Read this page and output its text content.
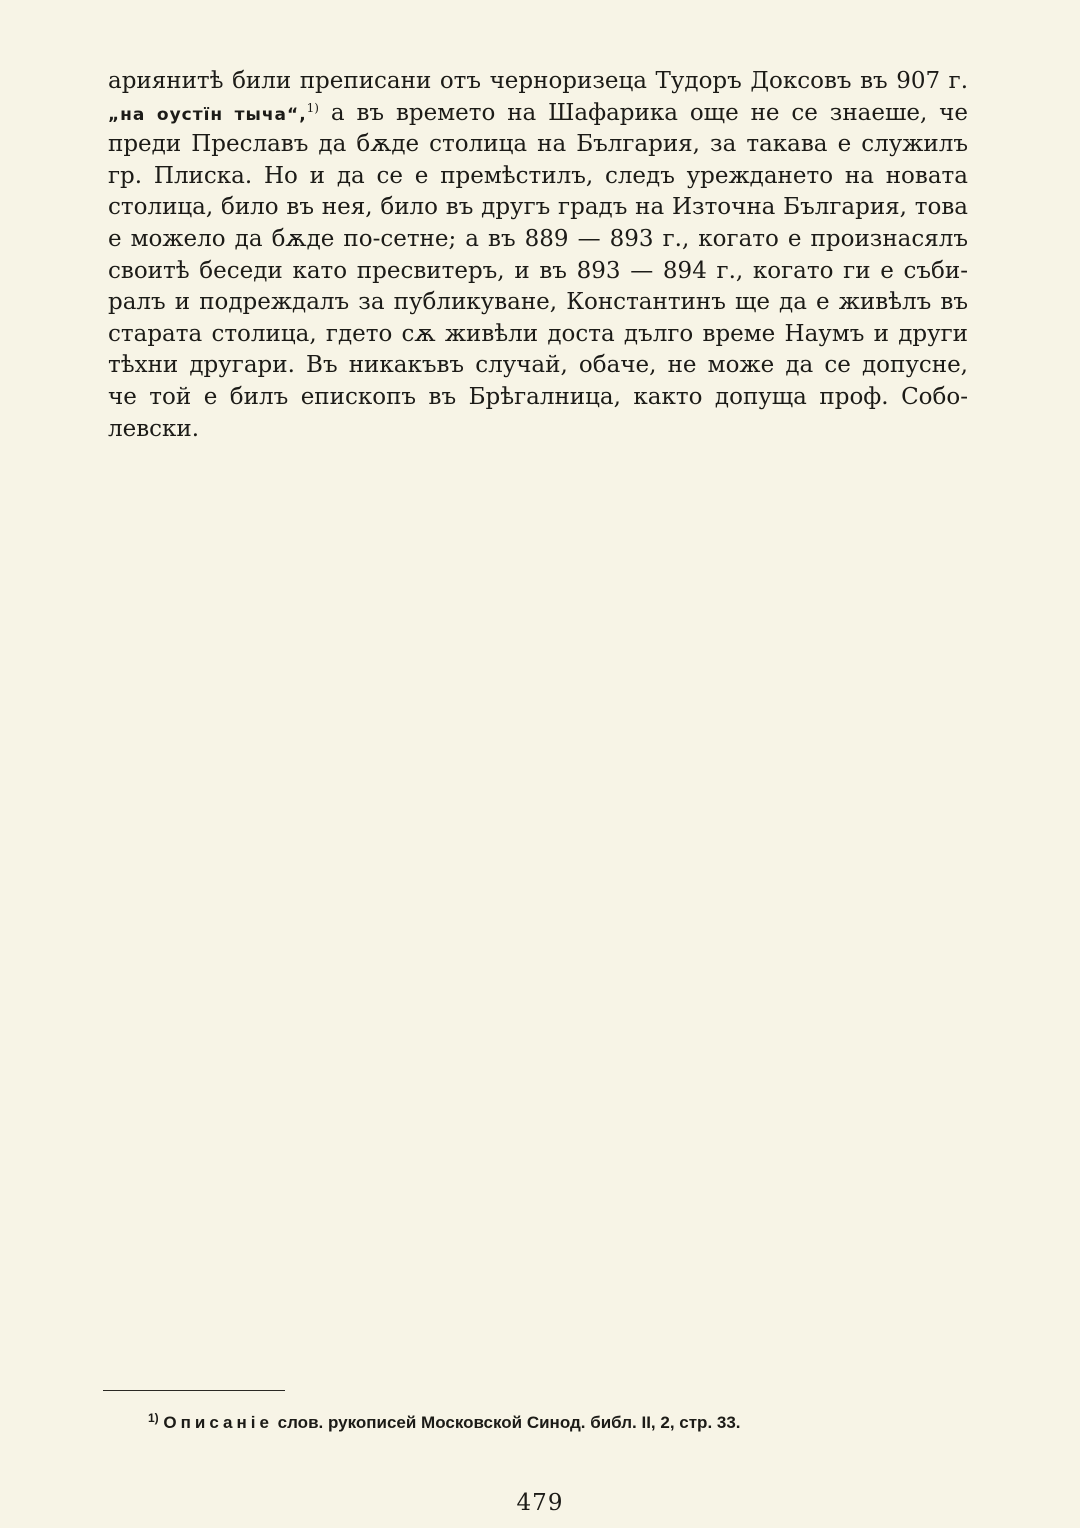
ариянитѣ били преписани отъ черноризеца Тудоръ Доксовъ въ 907 г.
„на оустїн тыча“,$^{1)}$ а въ времето на Шафарика още не се знаеше, че
преди Преславъ да бѫде столица на България, за такава е служилъ
гр. Плиска. Но и да се е премѣстилъ, следъ уреждането на новата
столица, било въ нея, било въ другъ градъ на Източна България, това
е можело да бѫде по-сетне; а въ 889 — 893 г., когато е произнасялъ
своитѣ беседи като пресвитеръ, и въ 893 — 894 г., когато ги е съби-
ралъ и подреждалъ за публикуване, Константинъ ще да е живѣлъ въ
старата столица, гдето сѫ живѣли доста дълго време Наумъ и други
тѣхни другари. Въ никакъвъ случай, обаче, не може да се допусне,
че той е билъ епископъ въ Брѣгалница, както допуща проф. Собо-
левски.

$^{1)}$ Описаніе слов. рукописей Московской Синод. библ. II, 2, стр. 33.

479
